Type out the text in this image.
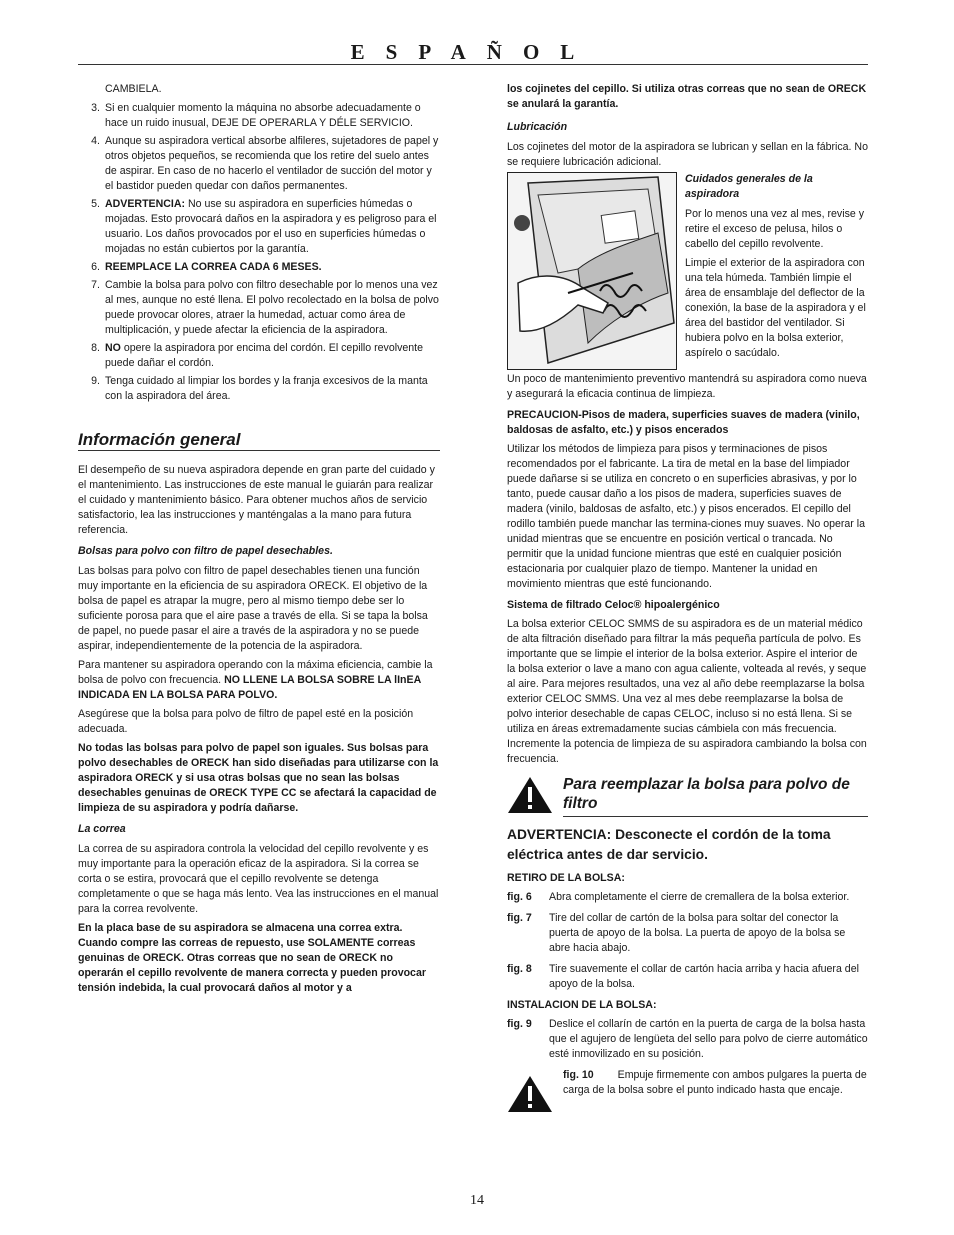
ESPAÑOL

CAMBIELA.

3. Si en cualquier momento la máquina no absorbe adecuadamente o hace un ruido inusual, DEJE DE OPERARLA Y DÉLE SERVICIO.
4. Aunque su aspiradora vertical absorbe alfileres, sujetadores de papel y otros objetos pequeños, se recomienda que los retire del suelo antes de aspirar. En caso de no hacerlo el ventilador de succión del motor y el bastidor pueden quedar con daños permanentes.
5. ADVERTENCIA: No use su aspiradora en superficies húmedas o mojadas. Esto provocará daños en la aspiradora y es peligroso para el usuario. Los daños provocados por el uso en superficies húmedas o mojadas no están cubiertos por la garantía.
6. REEMPLACE LA CORREA CADA 6 MESES.
7. Cambie la bolsa para polvo con filtro desechable por lo menos una vez al mes, aunque no esté llena. El polvo recolectado en la bolsa de polvo puede provocar olores, atraer la humedad, actuar como área de multiplicación, y puede afectar la eficiencia de la aspiradora.
8. NO opere la aspiradora por encima del cordón. El cepillo revolvente puede dañar el cordón.
9. Tenga cuidado al limpiar los bordes y la franja excesivos de la manta con la aspiradora del área.
Información general

El desempeño de su nueva aspiradora depende en gran parte del cuidado y el mantenimiento. Las instrucciones de este manual le guiarán para realizar el cuidado y mantenimiento básico. Para obtener muchos años de servicio satisfactorio, lea las instrucciones y manténgalas a la mano para futura referencia.

Bolsas para polvo con filtro de papel desechables.

Las bolsas para polvo con filtro de papel desechables tienen una función muy importante en la eficiencia de su aspiradora ORECK. El objetivo de la bolsa de papel es atrapar la mugre, pero al mismo tiempo debe ser lo suficiente porosa para que el aire pase a través de ella. Si se tapa la bolsa de papel, no puede pasar el aire a través de la aspiradora y no se puede aspirar, independientemente de la potencia de la aspiradora.

Para mantener su aspiradora operando con la máxima eficiencia, cambie la bolsa de polvo con frecuencia. NO LLENE LA BOLSA SOBRE LA lInEA INDICADA EN LA BOLSA PARA POLVO.

Asegúrese que la bolsa para polvo de filtro de papel esté en la posición adecuada.

No todas las bolsas para polvo de papel son iguales. Sus bolsas para polvo desechables de ORECK han sido diseñadas para utilizarse con la aspiradora ORECK y si usa otras bolsas que no sean las bolsas desechables genuinas de ORECK TYPE CC se afectará la capacidad de limpieza de su aspiradora y podría dañarse.

La correa

La correa de su aspiradora controla la velocidad del cepillo revolvente y es muy importante para la operación eficaz de la aspiradora. Si la correa se corta o se estira, provocará que el cepillo revolvente se detenga completamente o que se haga más lento. Vea las instrucciones en el manual para la correa revolvente.

En la placa base de su aspiradora se almacena una correa extra. Cuando compre las correas de repuesto, use SOLAMENTE correas genuinas de ORECK. Otras correas que no sean de ORECK no operarán el cepillo revolvente de manera correcta y pueden provocar tensión indebida, la cual provocará daños al motor y a

los cojinetes del cepillo. Si utiliza otras correas que no sean de ORECK se anulará la garantía.

Lubricación

Los cojinetes del motor de la aspiradora se lubrican y sellan en la fábrica. No se requiere lubricación adicional.

Cuidados generales de la aspiradora

Por lo menos una vez al mes, revise y retire el exceso de pelusa, hilos o cabello del cepillo revolvente.

Limpie el exterior de la aspiradora con una tela húmeda. También limpie el área de ensamblaje del deflector de la conexión, la base de la aspiradora y el área del bastidor del ventilador. Si hubiera polvo en la bolsa exterior, aspírelo o sacúdalo.

Un poco de mantenimiento preventivo mantendrá su aspiradora como nueva y asegurará la eficacia continua de limpieza.

PRECAUCION-Pisos de madera, superficies suaves de madera (vinilo, baldosas de asfalto, etc.) y pisos encerados

Utilizar los métodos de limpieza para pisos y terminaciones de pisos recomendados por el fabricante. La tira de metal en la base del limpiador puede dañarse si se utiliza en concreto o en superficies abrasivas, y por lo tanto, puede causar daño a los pisos de madera, superficies suaves de madera (vinilo, baldosas de asfalto, etc.) y pisos encerados. El cepillo del rodillo también puede manchar las termina-ciones muy suaves. No operar la unidad mientras que se encuentre en posición vertical o trancada. No permitir que la unidad funcione mientras que esté en cualquier posición estacionaria por cualquier plazo de tiempo. Mantener la unidad en movimiento mientras que esté funcionando.

Sistema de filtrado Celoc® hipoalergénico

La bolsa exterior CELOC SMMS de su aspiradora es de un material médico de alta filtración diseñado para filtrar la más pequeña partícula de polvo. Es importante que se limpie el interior de la bolsa exterior. Aspire el interior de la bolsa exterior o lave a mano con agua caliente, volteada al revés, y seque al aire. Para mejores resultados, una vez al año debe reemplazarse la bolsa exterior CELOC SMMS. Una vez al mes debe reemplazarse la bolsa de polvo interior desechable de capas CELOC, incluso si no está llena. Si se utiliza en áreas extremadamente sucias cámbiela con más frecuencia. Incremente la potencia de limpieza de su aspiradora cambiando la bolsa con frecuencia.

Para reemplazar la bolsa para polvo de filtro
ADVERTENCIA: Desconecte el cordón de la toma eléctrica antes de dar servicio.

RETIRO DE LA BOLSA:

fig. 6	Abra completamente el cierre de cremallera de la bolsa exterior.
fig. 7	Tire del collar de cartón de la bolsa para soltar del conector la puerta de apoyo de la bolsa. La puerta de apoyo de la bolsa se abre hacia abajo.
fig. 8	Tire suavemente el collar de cartón hacia arriba y hacia afuera del apoyo de la bolsa.

INSTALACION DE LA BOLSA:

fig. 9	Deslice el collarín de cartón en la puerta de carga de la bolsa hasta que el agujero de lengüeta del sello para polvo de cierre automático esté inmovilizado en su posición.
fig. 10 Empuje firmemente con ambos pulgares la puerta de carga de la bolsa sobre el punto indicado hasta que encaje.
14
